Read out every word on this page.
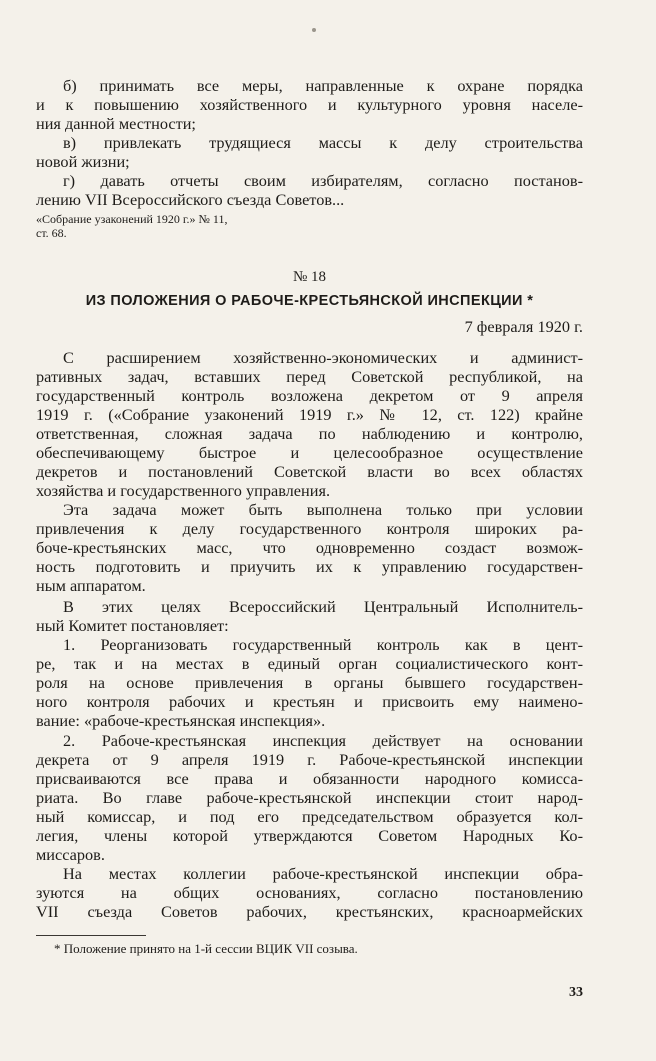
б) принимать все меры, направленные к охране порядка
и к повышению хозяйственного и культурного уровня населе-
ния данной местности;
в) привлекать трудящиеся массы к делу строительства
новой жизни;
г) давать отчеты своим избирателям, согласно постанов-
лению VII Всероссийского съезда Советов...
«Собрание узаконений 1920 г.» № 11,
ст. 68.
№ 18
ИЗ ПОЛОЖЕНИЯ О РАБОЧЕ-КРЕСТЬЯНСКОЙ ИНСПЕКЦИИ *
7 февраля 1920 г.
С расширением хозяйственно-экономических и админист-
ративных задач, вставших перед Советской республикой, на
государственный контроль возложена декретом от 9 апреля
1919 г. («Собрание узаконений 1919 г.» № 12, ст. 122) крайне
ответственная, сложная задача по наблюдению и контролю,
обеспечивающему быстрое и целесообразное осуществление
декретов и постановлений Советской власти во всех областях
хозяйства и государственного управления.
Эта задача может быть выполнена только при условии
привлечения к делу государственного контроля широких ра-
боче-крестьянских масс, что одновременно создаст возмож-
ность подготовить и приучить их к управлению государствен-
ным аппаратом.
В этих целях Всероссийский Центральный Исполнитель-
ный Комитет постановляет:
1. Реорганизовать государственный контроль как в цент-
ре, так и на местах в единый орган социалистического конт-
роля на основе привлечения в органы бывшего государствен-
ного контроля рабочих и крестьян и присвоить ему наимено-
вание: «рабоче-крестьянская инспекция».
2. Рабоче-крестьянская инспекция действует на основании
декрета от 9 апреля 1919 г. Рабоче-крестьянской инспекции
присваиваются все права и обязанности народного комисса-
риата. Во главе рабоче-крестьянской инспекции стоит народ-
ный комиссар, и под его председательством образуется кол-
легия, члены которой утверждаются Советом Народных Ко-
миссаров.
На местах коллегии рабоче-крестьянской инспекции обра-
зуются на общих основаниях, согласно постановлению
VII съезда Советов рабочих, крестьянских, красноармейских
* Положение принято на 1-й сессии ВЦИК VII созыва.
33
